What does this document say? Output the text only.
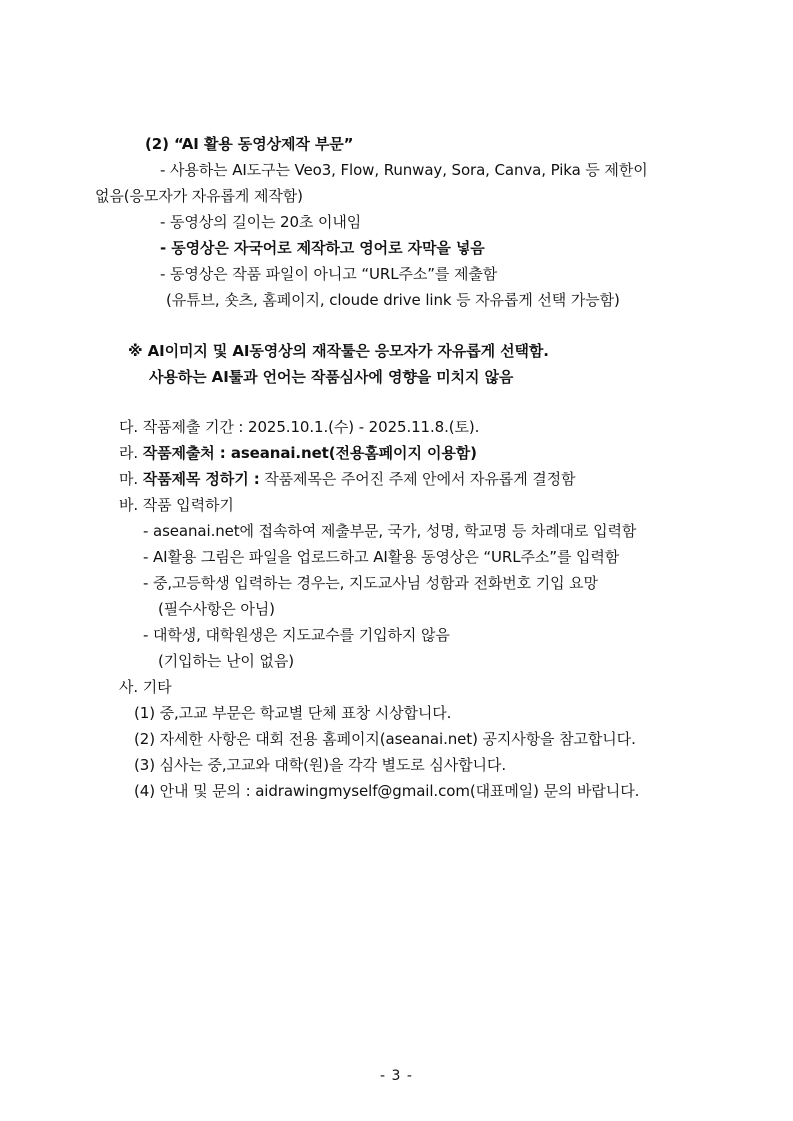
(2) “AI 활용 동영상제작 부문”
- 사용하는 AI도구는 Veo3, Flow, Runway, Sora, Canva, Pika 등 제한이
없음(응모자가 자유롭게 제작함)
- 동영상의 길이는 20초 이내임
- 동영상은 자국어로 제작하고 영어로 자막을 넣음
- 동영상은 작품 파일이 아니고 “URL주소”를 제출함
(유튜브, 숏츠, 홈페이지, cloude drive link 등 자유롭게 선택 가능함)
※ AI이미지 및 AI동영상의 재작툴은 응모자가 자유롭게 선택함.
사용하는 AI툴과 언어는 작품심사에 영향을 미치지 않음
다. 작품제출 기간 : 2025.10.1.(수) - 2025.11.8.(토).
라. 작품제출처 : aseanai.net(전용홈페이지 이용함)
마. 작품제목 정하기 : 작품제목은 주어진 주제 안에서 자유롭게 결정함
바. 작품 입력하기
- aseanai.net에 접속하여 제출부문, 국가, 성명, 학교명 등 차례대로 입력함
- AI활용 그림은 파일을 업로드하고 AI활용 동영상은 “URL주소”를 입력함
- 중,고등학생 입력하는 경우는, 지도교사님 성함과 전화번호 기입 요망
(필수사항은 아님)
- 대학생, 대학원생은 지도교수를 기입하지 않음
(기입하는 난이 없음)
사. 기타
(1) 중,고교 부문은 학교별 단체 표창 시상합니다.
(2) 자세한 사항은 대회 전용 홈페이지(aseanai.net) 공지사항을 참고합니다.
(3) 심사는 중,고교와 대학(원)을 각각 별도로 심사합니다.
(4) 안내 및 문의 : aidrawingmyself@gmail.com(대표메일) 문의 바랍니다.
- 3 -
